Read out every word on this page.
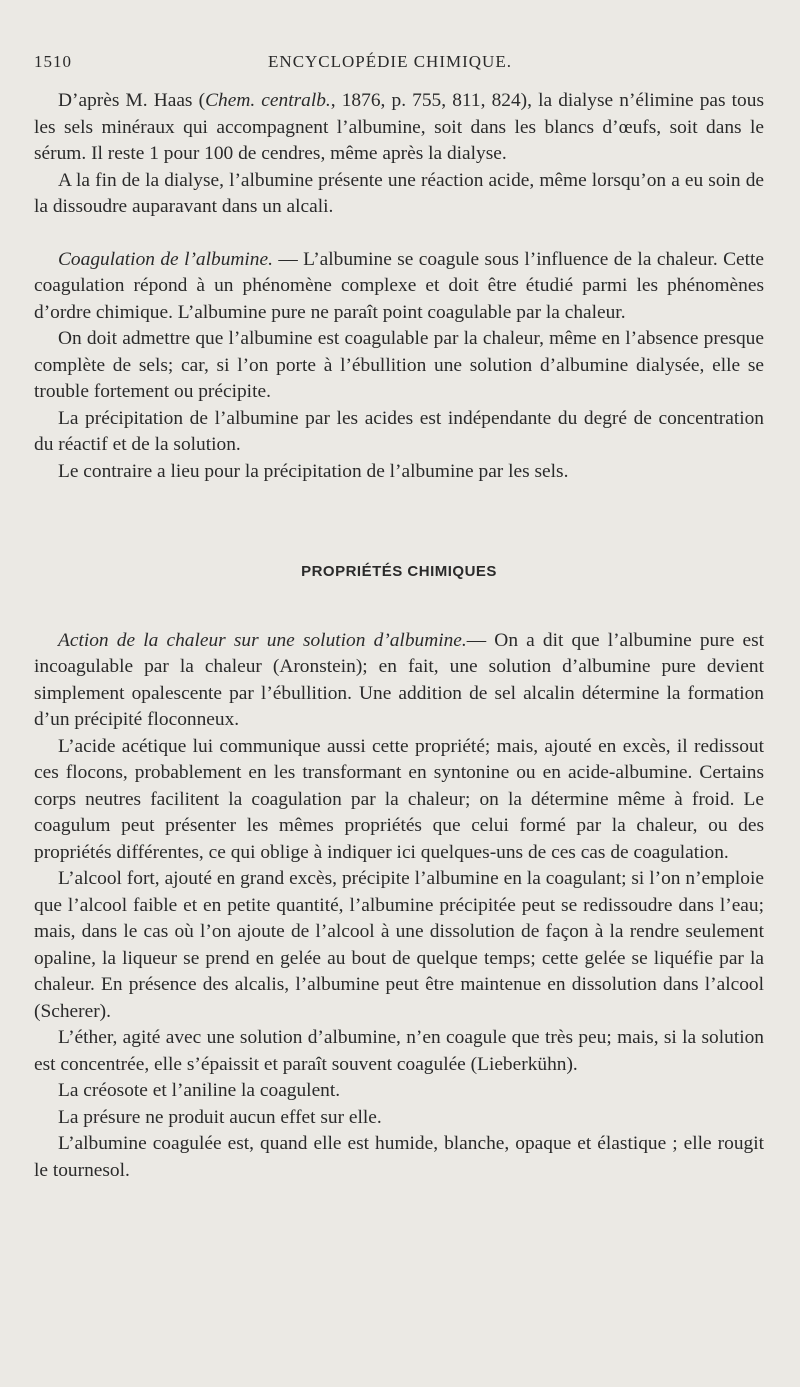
1510	ENCYCLOPÉDIE CHIMIQUE.

D’après M. Haas (Chem. centralb., 1876, p. 755, 811, 824), la dialyse n’élimine pas tous les sels minéraux qui accompagnent l’albumine, soit dans les blancs d’œufs, soit dans le sérum. Il reste 1 pour 100 de cendres, même après la dialyse.

A la fin de la dialyse, l’albumine présente une réaction acide, même lorsqu’on a eu soin de la dissoudre auparavant dans un alcali.

Coagulation de l’albumine. — L’albumine se coagule sous l’influence de la chaleur. Cette coagulation répond à un phénomène complexe et doit être étudié parmi les phénomènes d’ordre chimique. L’albumine pure ne paraît point coagulable par la chaleur.

On doit admettre que l’albumine est coagulable par la chaleur, même en l’absence presque complète de sels; car, si l’on porte à l’ébullition une solution d’albumine dialysée, elle se trouble fortement ou précipite.

La précipitation de l’albumine par les acides est indépendante du degré de concentration du réactif et de la solution.

Le contraire a lieu pour la précipitation de l’albumine par les sels.

PROPRIÉTÉS CHIMIQUES

Action de la chaleur sur une solution d’albumine.— On a dit que l’albumine pure est incoagulable par la chaleur (Aronstein); en fait, une solution d’albumine pure devient simplement opalescente par l’ébullition. Une addition de sel alcalin détermine la formation d’un précipité floconneux.

L’acide acétique lui communique aussi cette propriété; mais, ajouté en excès, il redissout ces flocons, probablement en les transformant en syntonine ou en acide-albumine. Certains corps neutres facilitent la coagulation par la chaleur; on la détermine même à froid. Le coagulum peut présenter les mêmes propriétés que celui formé par la chaleur, ou des propriétés différentes, ce qui oblige à indiquer ici quelques-uns de ces cas de coagulation.

L’alcool fort, ajouté en grand excès, précipite l’albumine en la coagulant; si l’on n’emploie que l’alcool faible et en petite quantité, l’albumine précipitée peut se redissoudre dans l’eau; mais, dans le cas où l’on ajoute de l’alcool à une dissolution de façon à la rendre seulement opaline, la liqueur se prend en gelée au bout de quelque temps; cette gelée se liquéfie par la chaleur. En présence des alcalis, l’albumine peut être maintenue en dissolution dans l’alcool (Scherer).

L’éther, agité avec une solution d’albumine, n’en coagule que très peu; mais, si la solution est concentrée, elle s’épaissit et paraît souvent coagulée (Lieberkühn).

La créosote et l’aniline la coagulent.

La présure ne produit aucun effet sur elle.

L’albumine coagulée est, quand elle est humide, blanche, opaque et élastique ; elle rougit le tournesol.
